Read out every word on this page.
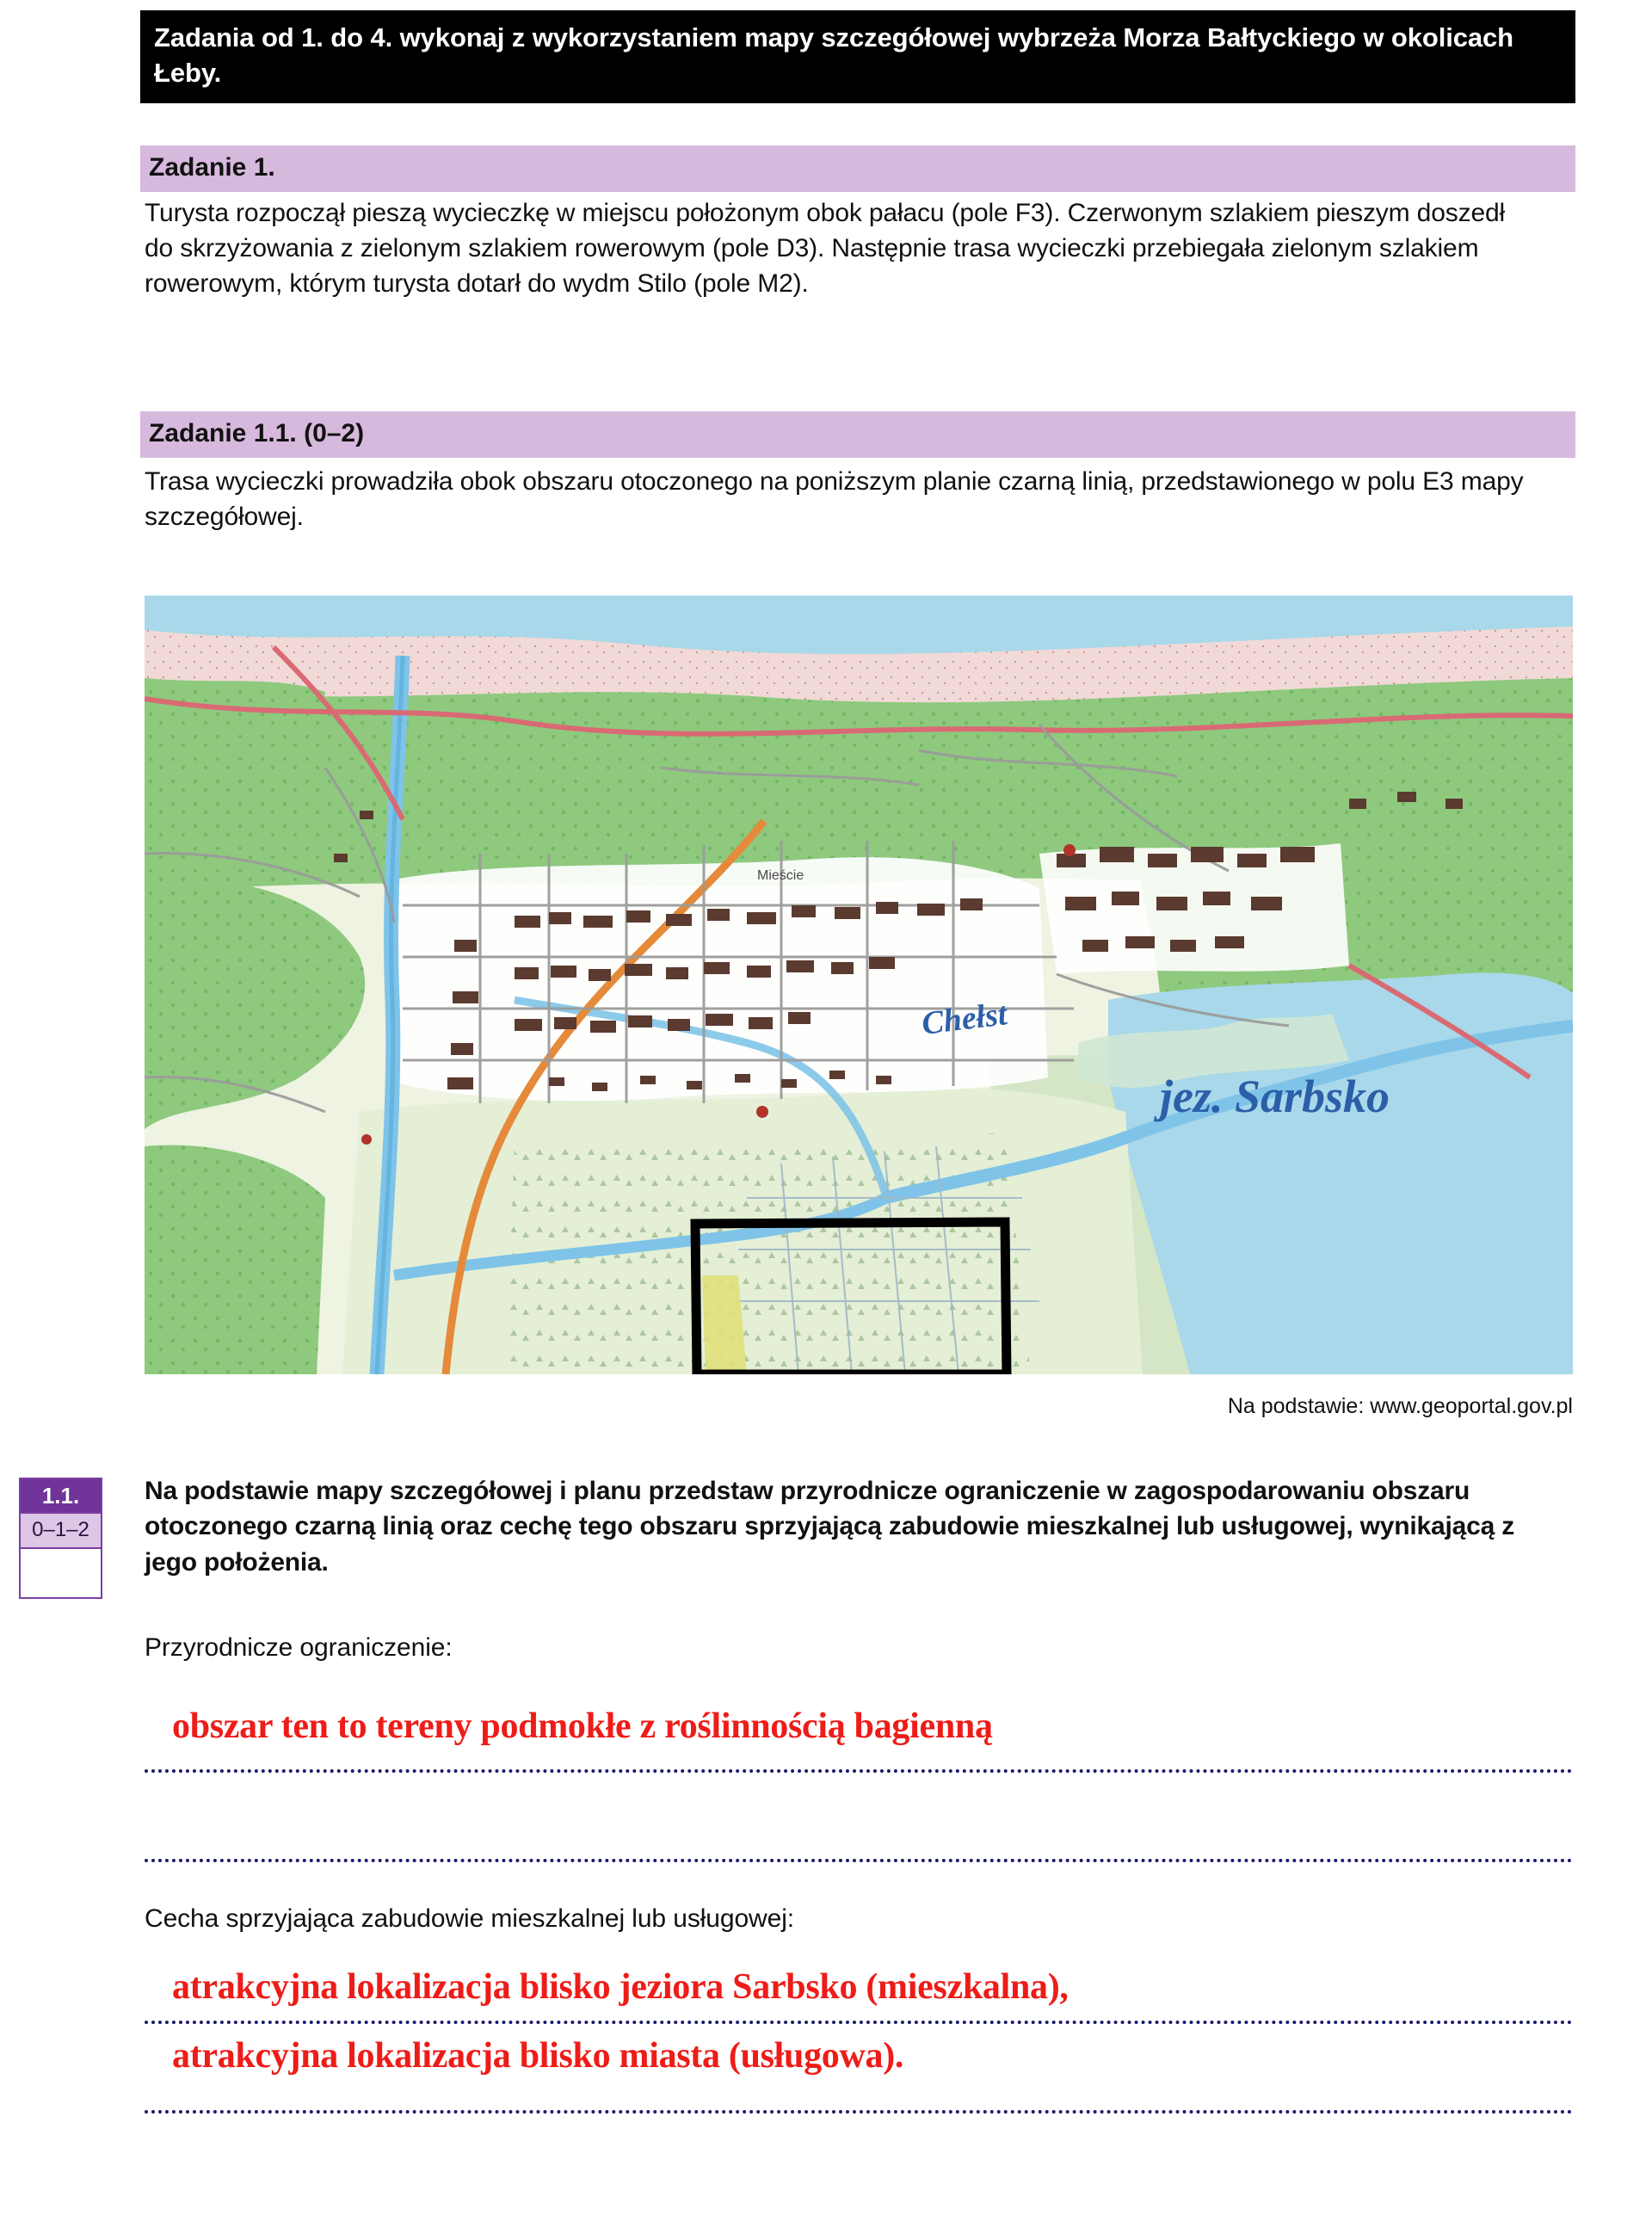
Zadania od 1. do 4. wykonaj z wykorzystaniem mapy szczegółowej wybrzeża Morza Bałtyckiego w okolicach Łeby.
Zadanie 1.
Turysta rozpoczął pieszą wycieczkę w miejscu położonym obok pałacu (pole F3). Czerwonym szlakiem pieszym doszedł do skrzyżowania z zielonym szlakiem rowerowym (pole D3). Następnie trasa wycieczki przebiegała zielonym szlakiem rowerowym, którym turysta dotarł do wydm Stilo (pole M2).
Zadanie 1.1. (0–2)
Trasa wycieczki prowadziła obok obszaru otoczonego na poniższym planie czarną linią, przedstawionego w polu E3 mapy szczegółowej.
jez. Sarbsko
Chełst
Mieście
Na podstawie: www.geoportal.gov.pl
1.1.
0–1–2
Na podstawie mapy szczegółowej i planu przedstaw przyrodnicze ograniczenie w zagospodarowaniu obszaru otoczonego czarną linią oraz cechę tego obszaru sprzyjającą zabudowie mieszkalnej lub usługowej, wynikającą z jego położenia.
Przyrodnicze ograniczenie:
obszar ten to tereny podmokłe z roślinnością bagienną
Cecha sprzyjająca zabudowie mieszkalnej lub usługowej:
atrakcyjna lokalizacja blisko jeziora Sarbsko (mieszkalna),
atrakcyjna lokalizacja blisko miasta (usługowa).
